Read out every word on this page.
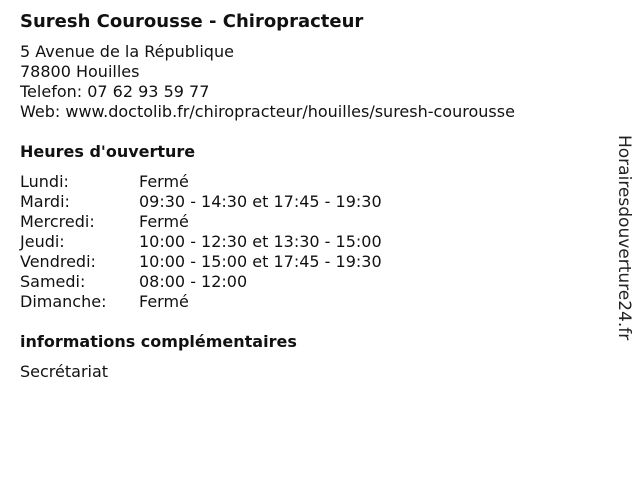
Suresh Courousse - Chiropracteur
5 Avenue de la République
78800 Houilles
Telefon: 07 62 93 59 77
Web: www.doctolib.fr/chiropracteur/houilles/suresh-courousse
Heures d'ouverture
Lundi:	Fermé
Mardi:	09:30 - 14:30 et 17:45 - 19:30
Mercredi:	Fermé
Jeudi:	10:00 - 12:30 et 13:30 - 15:00
Vendredi:	10:00 - 15:00 et 17:45 - 19:30
Samedi:	08:00 - 12:00
Dimanche:	Fermé
informations complémentaires
Secrétariat
Horairesdouverture24.fr
